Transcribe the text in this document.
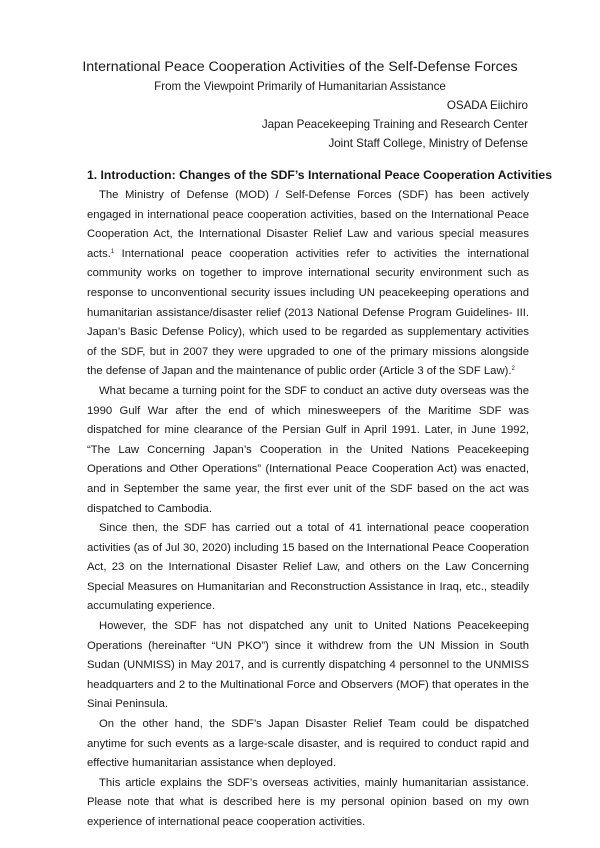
International Peace Cooperation Activities of the Self-Defense Forces
From the Viewpoint Primarily of Humanitarian Assistance
OSADA Eiichiro
Japan Peacekeeping Training and Research Center
Joint Staff College, Ministry of Defense
1. Introduction: Changes of the SDF’s International Peace Cooperation Activities

The Ministry of Defense (MOD) / Self-Defense Forces (SDF) has been actively engaged in international peace cooperation activities, based on the International Peace Cooperation Act, the International Disaster Relief Law and various special measures acts.$^1$ International peace cooperation activities refer to activities the international community works on together to improve international security environment such as response to unconventional security issues including UN peacekeeping operations and humanitarian assistance/disaster relief (2013 National Defense Program Guidelines- III. Japan’s Basic Defense Policy), which used to be regarded as supplementary activities of the SDF, but in 2007 they were upgraded to one of the primary missions alongside the defense of Japan and the maintenance of public order (Article 3 of the SDF Law).$^2$

What became a turning point for the SDF to conduct an active duty overseas was the 1990 Gulf War after the end of which minesweepers of the Maritime SDF was dispatched for mine clearance of the Persian Gulf in April 1991. Later, in June 1992, “The Law Concerning Japan’s Cooperation in the United Nations Peacekeeping Operations and Other Operations” (International Peace Cooperation Act) was enacted, and in September the same year, the first ever unit of the SDF based on the act was dispatched to Cambodia.

Since then, the SDF has carried out a total of 41 international peace cooperation activities (as of Jul 30, 2020) including 15 based on the International Peace Cooperation Act, 23 on the International Disaster Relief Law, and others on the Law Concerning Special Measures on Humanitarian and Reconstruction Assistance in Iraq, etc., steadily accumulating experience.

However, the SDF has not dispatched any unit to United Nations Peacekeeping Operations (hereinafter “UN PKO”) since it withdrew from the UN Mission in South Sudan (UNMISS) in May 2017, and is currently dispatching 4 personnel to the UNMISS headquarters and 2 to the Multinational Force and Observers (MOF) that operates in the Sinai Peninsula.

On the other hand, the SDF’s Japan Disaster Relief Team could be dispatched anytime for such events as a large-scale disaster, and is required to conduct rapid and effective humanitarian assistance when deployed.

This article explains the SDF’s overseas activities, mainly humanitarian assistance. Please note that what is described here is my personal opinion based on my own experience of international peace cooperation activities.
